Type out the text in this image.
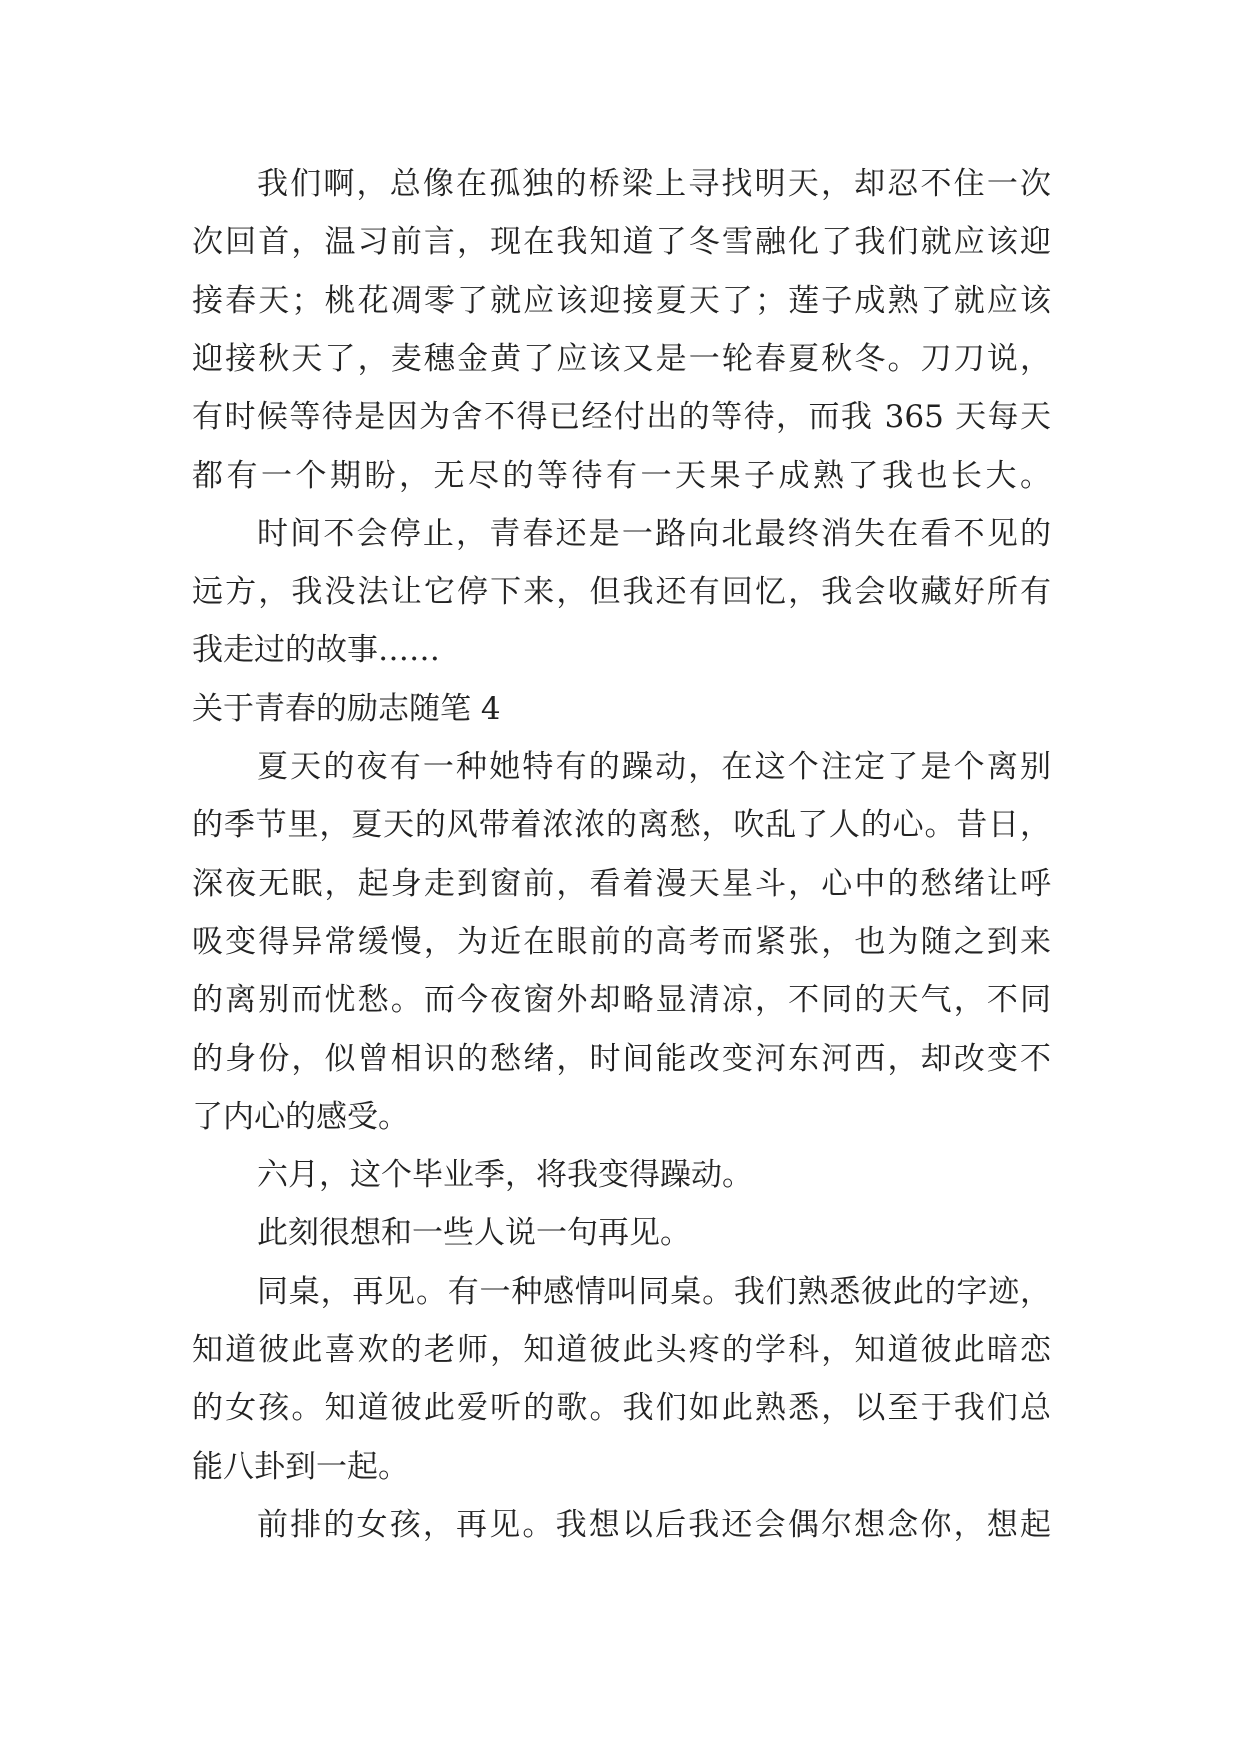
我们啊，总像在孤独的桥梁上寻找明天，却忍不住一次
次回首，温习前言，现在我知道了冬雪融化了我们就应该迎
接春天；桃花凋零了就应该迎接夏天了；莲子成熟了就应该
迎接秋天了，麦穗金黄了应该又是一轮春夏秋冬。刀刀说，
有时候等待是因为舍不得已经付出的等待，而我 365 天每天
都有一个期盼，无尽的等待有一天果子成熟了我也长大。
时间不会停止，青春还是一路向北最终消失在看不见的
远方，我没法让它停下来，但我还有回忆，我会收藏好所有
我走过的故事……
关于青春的励志随笔 4
夏天的夜有一种她特有的躁动，在这个注定了是个离别
的季节里，夏天的风带着浓浓的离愁，吹乱了人的心。昔日，
深夜无眠，起身走到窗前，看着漫天星斗，心中的愁绪让呼
吸变得异常缓慢，为近在眼前的高考而紧张，也为随之到来
的离别而忧愁。而今夜窗外却略显清凉，不同的天气，不同
的身份，似曾相识的愁绪，时间能改变河东河西，却改变不
了内心的感受。
六月，这个毕业季，将我变得躁动。
此刻很想和一些人说一句再见。
同桌，再见。有一种感情叫同桌。我们熟悉彼此的字迹，
知道彼此喜欢的老师，知道彼此头疼的学科，知道彼此暗恋
的女孩。知道彼此爱听的歌。我们如此熟悉，以至于我们总
能八卦到一起。
前排的女孩，再见。我想以后我还会偶尔想念你，想起
